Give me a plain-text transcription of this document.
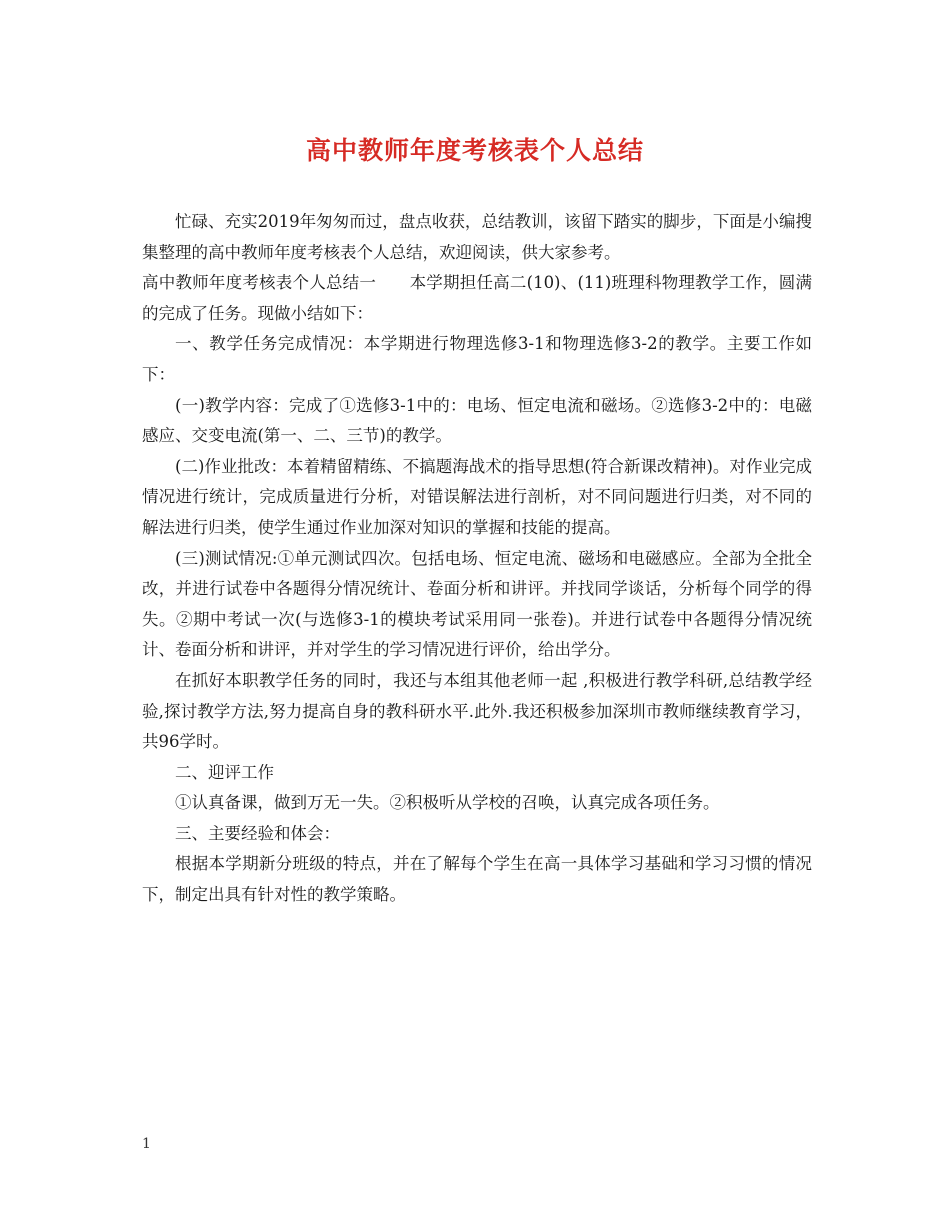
高中教师年度考核表个人总结

忙碌、充实2019年匆匆而过，盘点收获，总结教训，该留下踏实的脚步，下面是小编搜集整理的高中教师年度考核表个人总结，欢迎阅读，供大家参考。

高中教师年度考核表个人总结一　　本学期担任高二(10)、(11)班理科物理教学工作，圆满的完成了任务。现做小结如下：

一、教学任务完成情况：本学期进行物理选修3-1和物理选修3-2的教学。主要工作如下：

(一)教学内容：完成了①选修3-1中的：电场、恒定电流和磁场。②选修3-2中的：电磁感应、交变电流(第一、二、三节)的教学。

(二)作业批改：本着精留精练、不搞题海战术的指导思想(符合新课改精神)。对作业完成情况进行统计，完成质量进行分析，对错误解法进行剖析，对不同问题进行归类，对不同的解法进行归类，使学生通过作业加深对知识的掌握和技能的提高。

(三)测试情况:①单元测试四次。包括电场、恒定电流、磁场和电磁感应。全部为全批全改，并进行试卷中各题得分情况统计、卷面分析和讲评。并找同学谈话，分析每个同学的得失。②期中考试一次(与选修3-1的模块考试采用同一张卷)。并进行试卷中各题得分情况统计、卷面分析和讲评，并对学生的学习情况进行评价，给出学分。

在抓好本职教学任务的同时，我还与本组其他老师一起 ,积极进行教学科研,总结教学经验,探讨教学方法,努力提高自身的教科研水平.此外.我还积极参加深圳市教师继续教育学习，共96学时。

二、迎评工作

①认真备课，做到万无一失。②积极听从学校的召唤，认真完成各项任务。

三、主要经验和体会：

根据本学期新分班级的特点，并在了解每个学生在高一具体学习基础和学习习惯的情况下，制定出具有针对性的教学策略。

1
